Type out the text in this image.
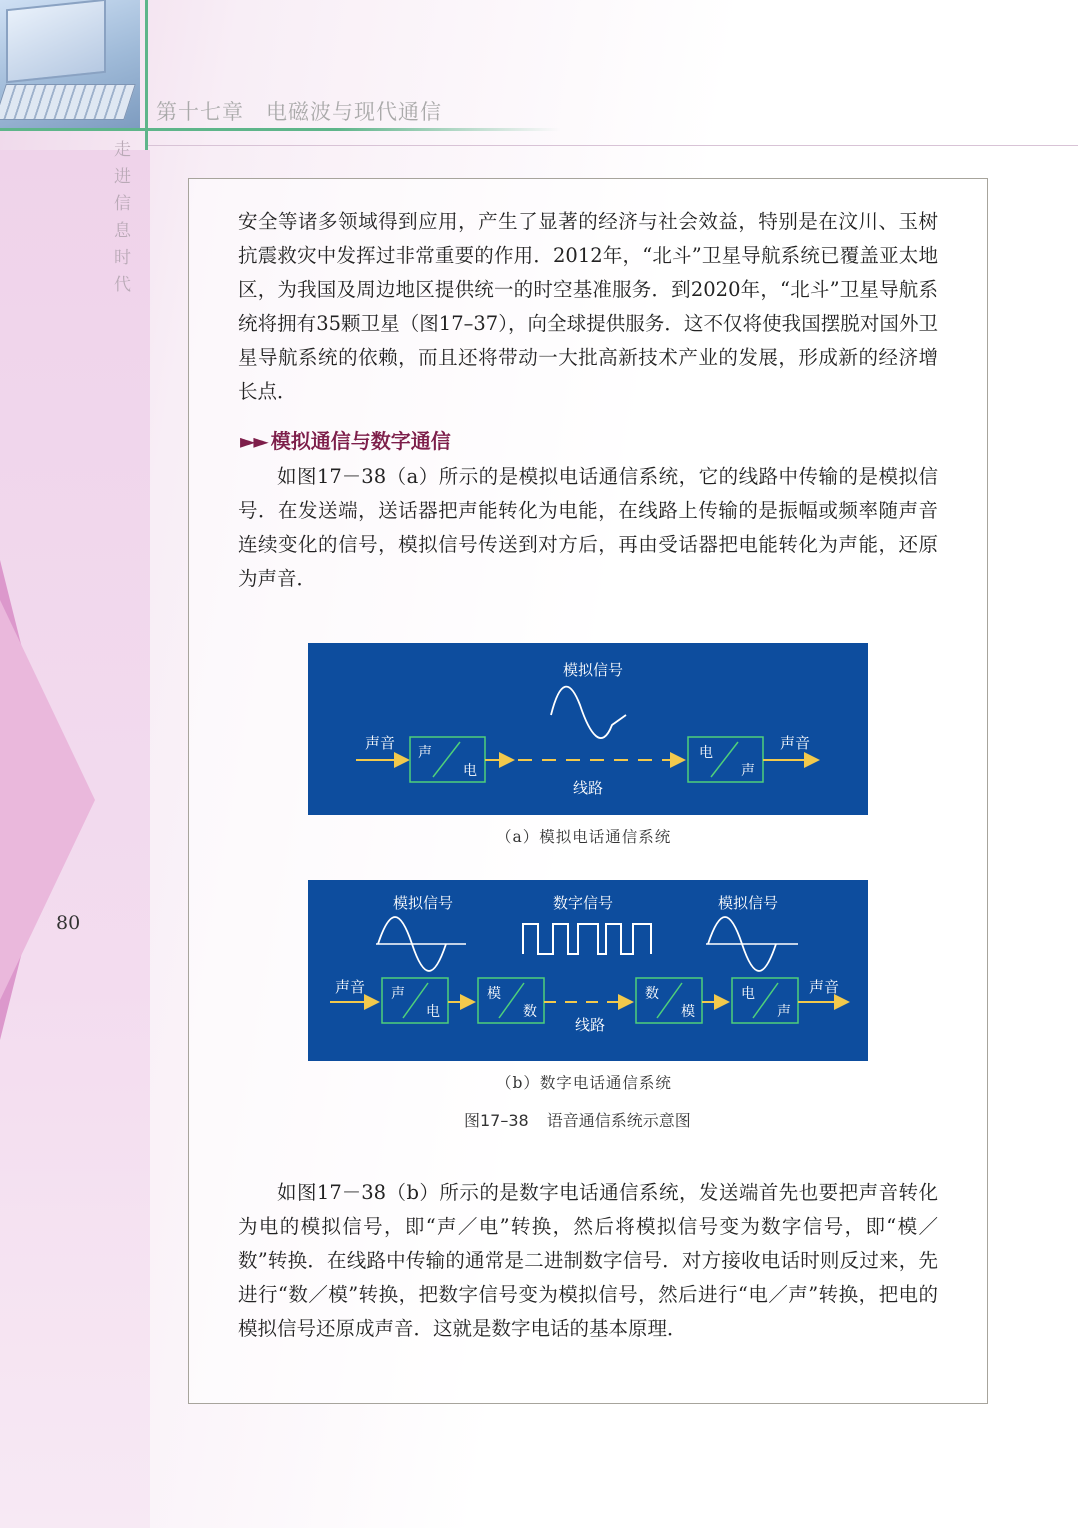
第十七章　电磁波与现代通信
走进信息时代
80

安全等诸多领域得到应用，产生了显著的经济与社会效益，特别是在汶川、玉树抗震救灾中发挥过非常重要的作用．2012年，“北斗”卫星导航系统已覆盖亚太地区，为我国及周边地区提供统一的时空基准服务．到2020年，“北斗”卫星导航系统将拥有35颗卫星（图17–37），向全球提供服务．这不仅将使我国摆脱对国外卫星导航系统的依赖，而且还将带动一大批高新技术产业的发展，形成新的经济增长点．

►► 模拟通信与数字通信

如图17－38（a）所示的是模拟电话通信系统，它的线路中传输的是模拟信号．在发送端，送话器把声能转化为电能，在线路上传输的是振幅或频率随声音连续变化的信号，模拟信号传送到对方后，再由受话器把电能转化为声能，还原为声音．

模拟信号
声音
声
电
线路
电
声
声音
（a）模拟电话通信系统
模拟信号	数字信号	模拟信号
声音 声
电
模
数
线路
数
模
电
声
声音
（b）数字电话通信系统
图17–38 语音通信系统示意图

如图17－38（b）所示的是数字电话通信系统，发送端首先也要把声音转化为电的模拟信号，即“声／电”转换，然后将模拟信号变为数字信号，即“模／数”转换．在线路中传输的通常是二进制数字信号．对方接收电话时则反过来，先进行“数／模”转换，把数字信号变为模拟信号，然后进行“电／声”转换，把电的模拟信号还原成声音．这就是数字电话的基本原理．
